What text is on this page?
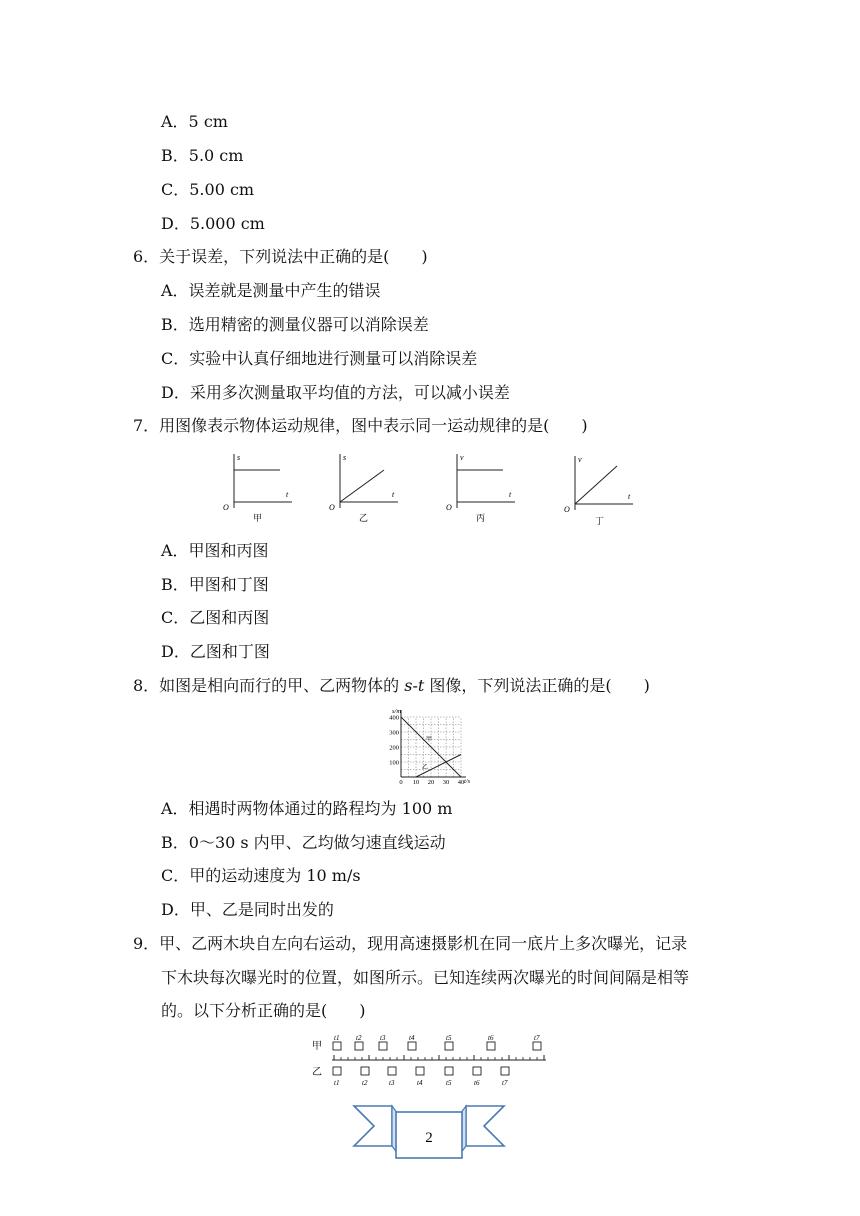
A．5 cm
B．5.0 cm
C．5.00 cm
D．5.000 cm
6．关于误差，下列说法中正确的是(　　)
A．误差就是测量中产生的错误
B．选用精密的测量仪器可以消除误差
C．实验中认真仔细地进行测量可以消除误差
D．采用多次测量取平均值的方法，可以减小误差
7．用图像表示物体运动规律，图中表示同一运动规律的是(　　)
s
t
O
甲
s
t
O
乙
v
t
O
丙
v
t
O
丁
A．甲图和丙图
B．甲图和丁图
C．乙图和丙图
D．乙图和丁图
8．如图是相向而行的甲、乙两物体的 s-t 图像，下列说法正确的是(　　)
s/m
t/s
400
300
200
100
0 10 20 30 40
甲
乙
A．相遇时两物体通过的路程均为 100 m
B．0～30 s 内甲、乙均做匀速直线运动
C．甲的运动速度为 10 m/s
D．甲、乙是同时出发的
9．甲、乙两木块自左向右运动，现用高速摄影机在同一底片上多次曝光，记录
下木块每次曝光时的位置，如图所示。已知连续两次曝光的时间间隔是相等
的。以下分析正确的是(　　)
甲
乙
t1 t2	t3	t4	t5	t6	t7
t1	t2	t3	t4	t5	t6	t7
2
